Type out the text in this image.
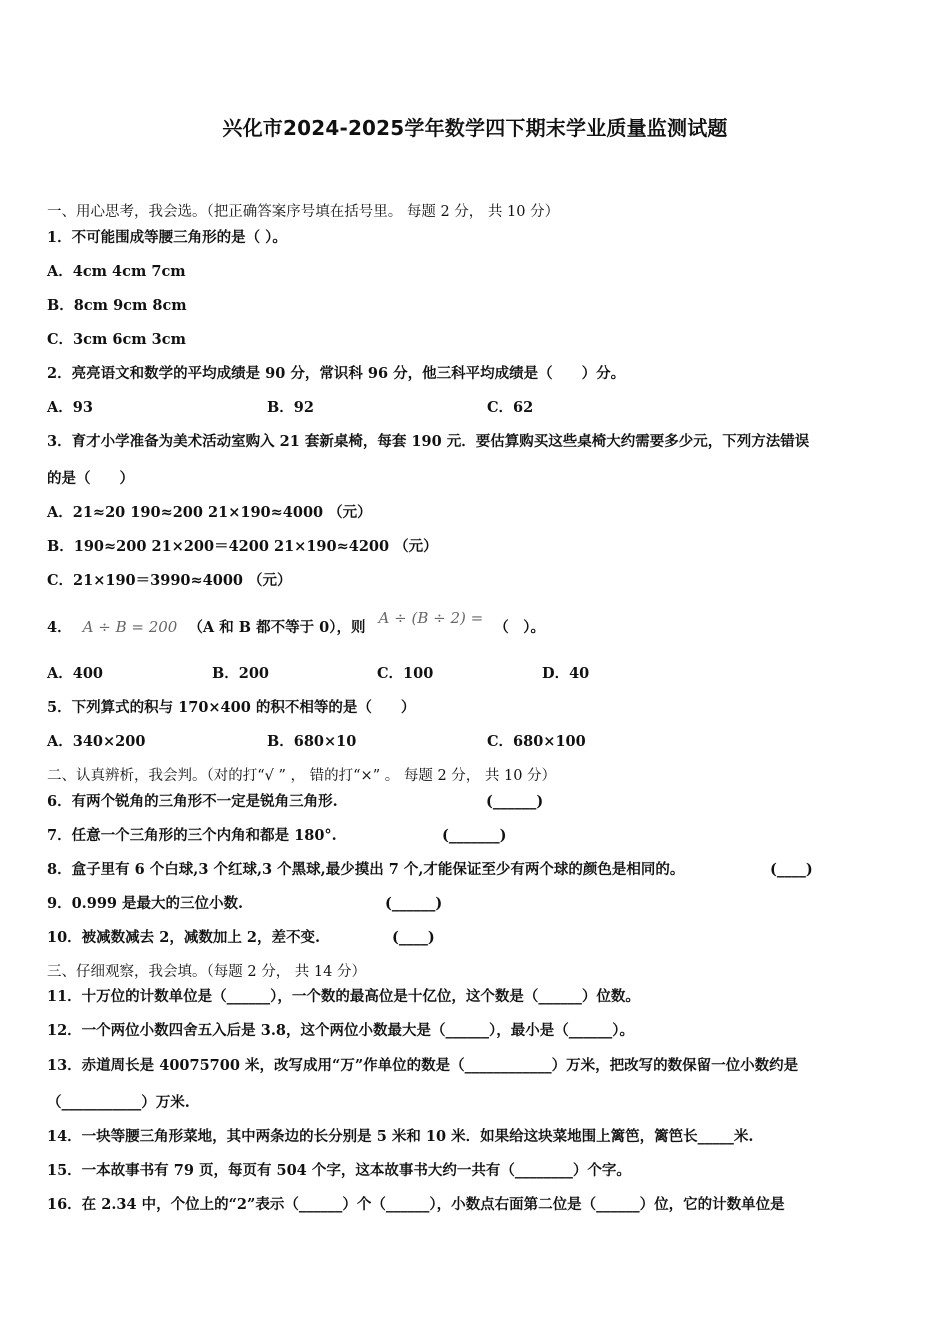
兴化市2024-2025学年数学四下期末学业质量监测试题
一、用心思考，我会选。（把正确答案序号填在括号里。 每题 2 分， 共 10 分）
1．不可能围成等腰三角形的是（ ）。
A．4cm 4cm 7cm
B．8cm 9cm 8cm
C．3cm 6cm 3cm
2．亮亮语文和数学的平均成绩是 90 分，常识科 96 分，他三科平均成绩是（　　）分。
A．93	B．92	C．62
3．育才小学准备为美术活动室购入 21 套新桌椅，每套 190 元．要估算购买这些桌椅大约需要多少元，下列方法错误
的是（　　）
A．21≈20 190≈200 21×190≈4000 （元）
B．190≈200 21×200＝4200 21×190≈4200 （元）
C．21×190＝3990≈4000 （元）
4． A ÷ B = 200 （A 和 B 都不等于 0），则 A ÷ (B ÷ 2) = （　）。
A．400	B．200	C．100	D．40
5．下列算式的积与 170×400 的积不相等的是（　　）
A．340×200	B．680×10	C．680×100
二、认真辨析，我会判。（对的打“√ ” ， 错的打“×” 。 每题 2 分， 共 10 分）
6．有两个锐角的三角形不一定是锐角三角形.	(______)
7．任意一个三角形的三个内角和都是 180°.	(_______)
8．盒子里有 6 个白球,3 个红球,3 个黑球,最少摸出 7 个,才能保证至少有两个球的颜色是相同的。	(____)
9．0.999 是最大的三位小数.	(______)
10．被减数减去 2，减数加上 2，差不变.	(____)
三、仔细观察，我会填。（每题 2 分， 共 14 分）
11．十万位的计数单位是（______），一个数的最高位是十亿位，这个数是（______）位数。
12．一个两位小数四舍五入后是 3.8，这个两位小数最大是（______），最小是（______）。
13．赤道周长是 40075700 米，改写成用“万”作单位的数是（____________）万米，把改写的数保留一位小数约是
（___________）万米.
14．一块等腰三角形菜地，其中两条边的长分别是 5 米和 10 米．如果给这块菜地围上篱笆，篱笆长_____米.
15．一本故事书有 79 页，每页有 504 个字，这本故事书大约一共有（________）个字。
16．在 2.34 中，个位上的“2”表示（______）个（______），小数点右面第二位是（______）位，它的计数单位是
